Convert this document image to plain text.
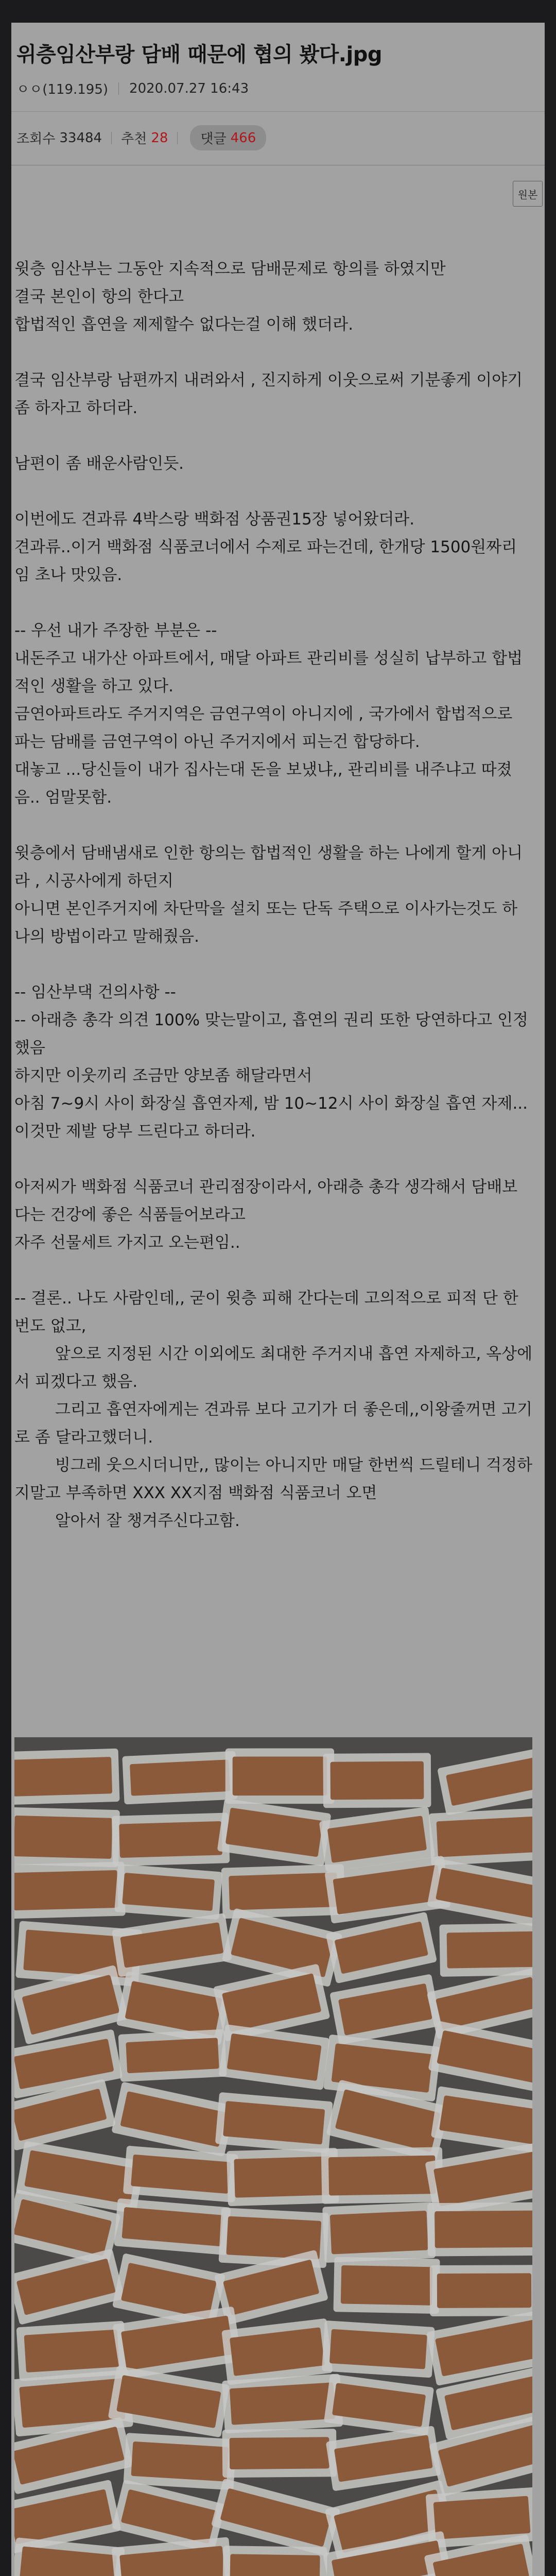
위층임산부랑 담배 때문에 협의 봤다.jpg
ㅇㅇ(119.195) 2020.07.27 16:43
조회수 33484 추천 28 댓글 466
원본
윗층 임산부는 그동안 지속적으로 담배문제로 항의를 하였지만
결국 본인이 항의 한다고
합법적인 흡연을 제제할수 없다는걸 이해 했더라.
결국 임산부랑 남편까지 내려와서 , 진지하게 이웃으로써 기분좋게 이야기좀 하자고 하더라.
남편이 좀 배운사람인듯.
이번에도 견과류 4박스랑 백화점 상품권15장 넣어왔더라.
견과류..이거 백화점 식품코너에서 수제로 파는건데, 한개당 1500원짜리임 초나 맛있음.
-- 우선 내가 주장한 부분은 --
내돈주고 내가산 아파트에서, 매달 아파트 관리비를 성실히 납부하고 합법적인 생활을 하고 있다.
금연아파트라도 주거지역은 금연구역이 아니지에 , 국가에서 합법적으로 파는 담배를 금연구역이 아닌 주거지에서 피는건 합당하다.
대놓고 ...당신들이 내가 집사는대 돈을 보냈냐,, 관리비를 내주냐고 따졌음.. 엄말못함.
윗층에서 담배냄새로 인한 항의는 합법적인 생활을 하는 나에게 할게 아니라 , 시공사에게 하던지
아니면 본인주거지에 차단막을 설치 또는 단독 주택으로 이사가는것도 하나의 방법이라고 말해줬음.
-- 임산부댁 건의사항 --
-- 아래층 총각 의견 100% 맞는말이고, 흡연의 권리 또한 당연하다고 인정했음
하지만 이웃끼리 조금만 양보좀 해달라면서
아침 7~9시 사이 화장실 흡연자제, 밤 10~12시 사이 화장실 흡연 자제... 이것만 제발 당부 드린다고 하더라.
아저씨가 백화점 식품코너 관리점장이라서, 아래층 총각 생각해서 담배보다는 건강에 좋은 식품들어보라고
자주 선물세트 가지고 오는편임..
-- 결론.. 나도 사람인데,, 굳이 윗층 피해 간다는데 고의적으로 피적 단 한번도 없고,
앞으로 지정된 시간 이외에도 최대한 주거지내 흡연 자제하고, 옥상에서 피겠다고 했음.
그리고 흡연자에게는 견과류 보다 고기가 더 좋은데,,이왕줄꺼면 고기로 좀 달라고했더니.
빙그레 웃으시더니만,, 많이는 아니지만 매달 한번씩 드릴테니 걱정하지말고 부족하면 XXX XX지점 백화점 식품코너 오면
알아서 잘 챙겨주신다고함.
